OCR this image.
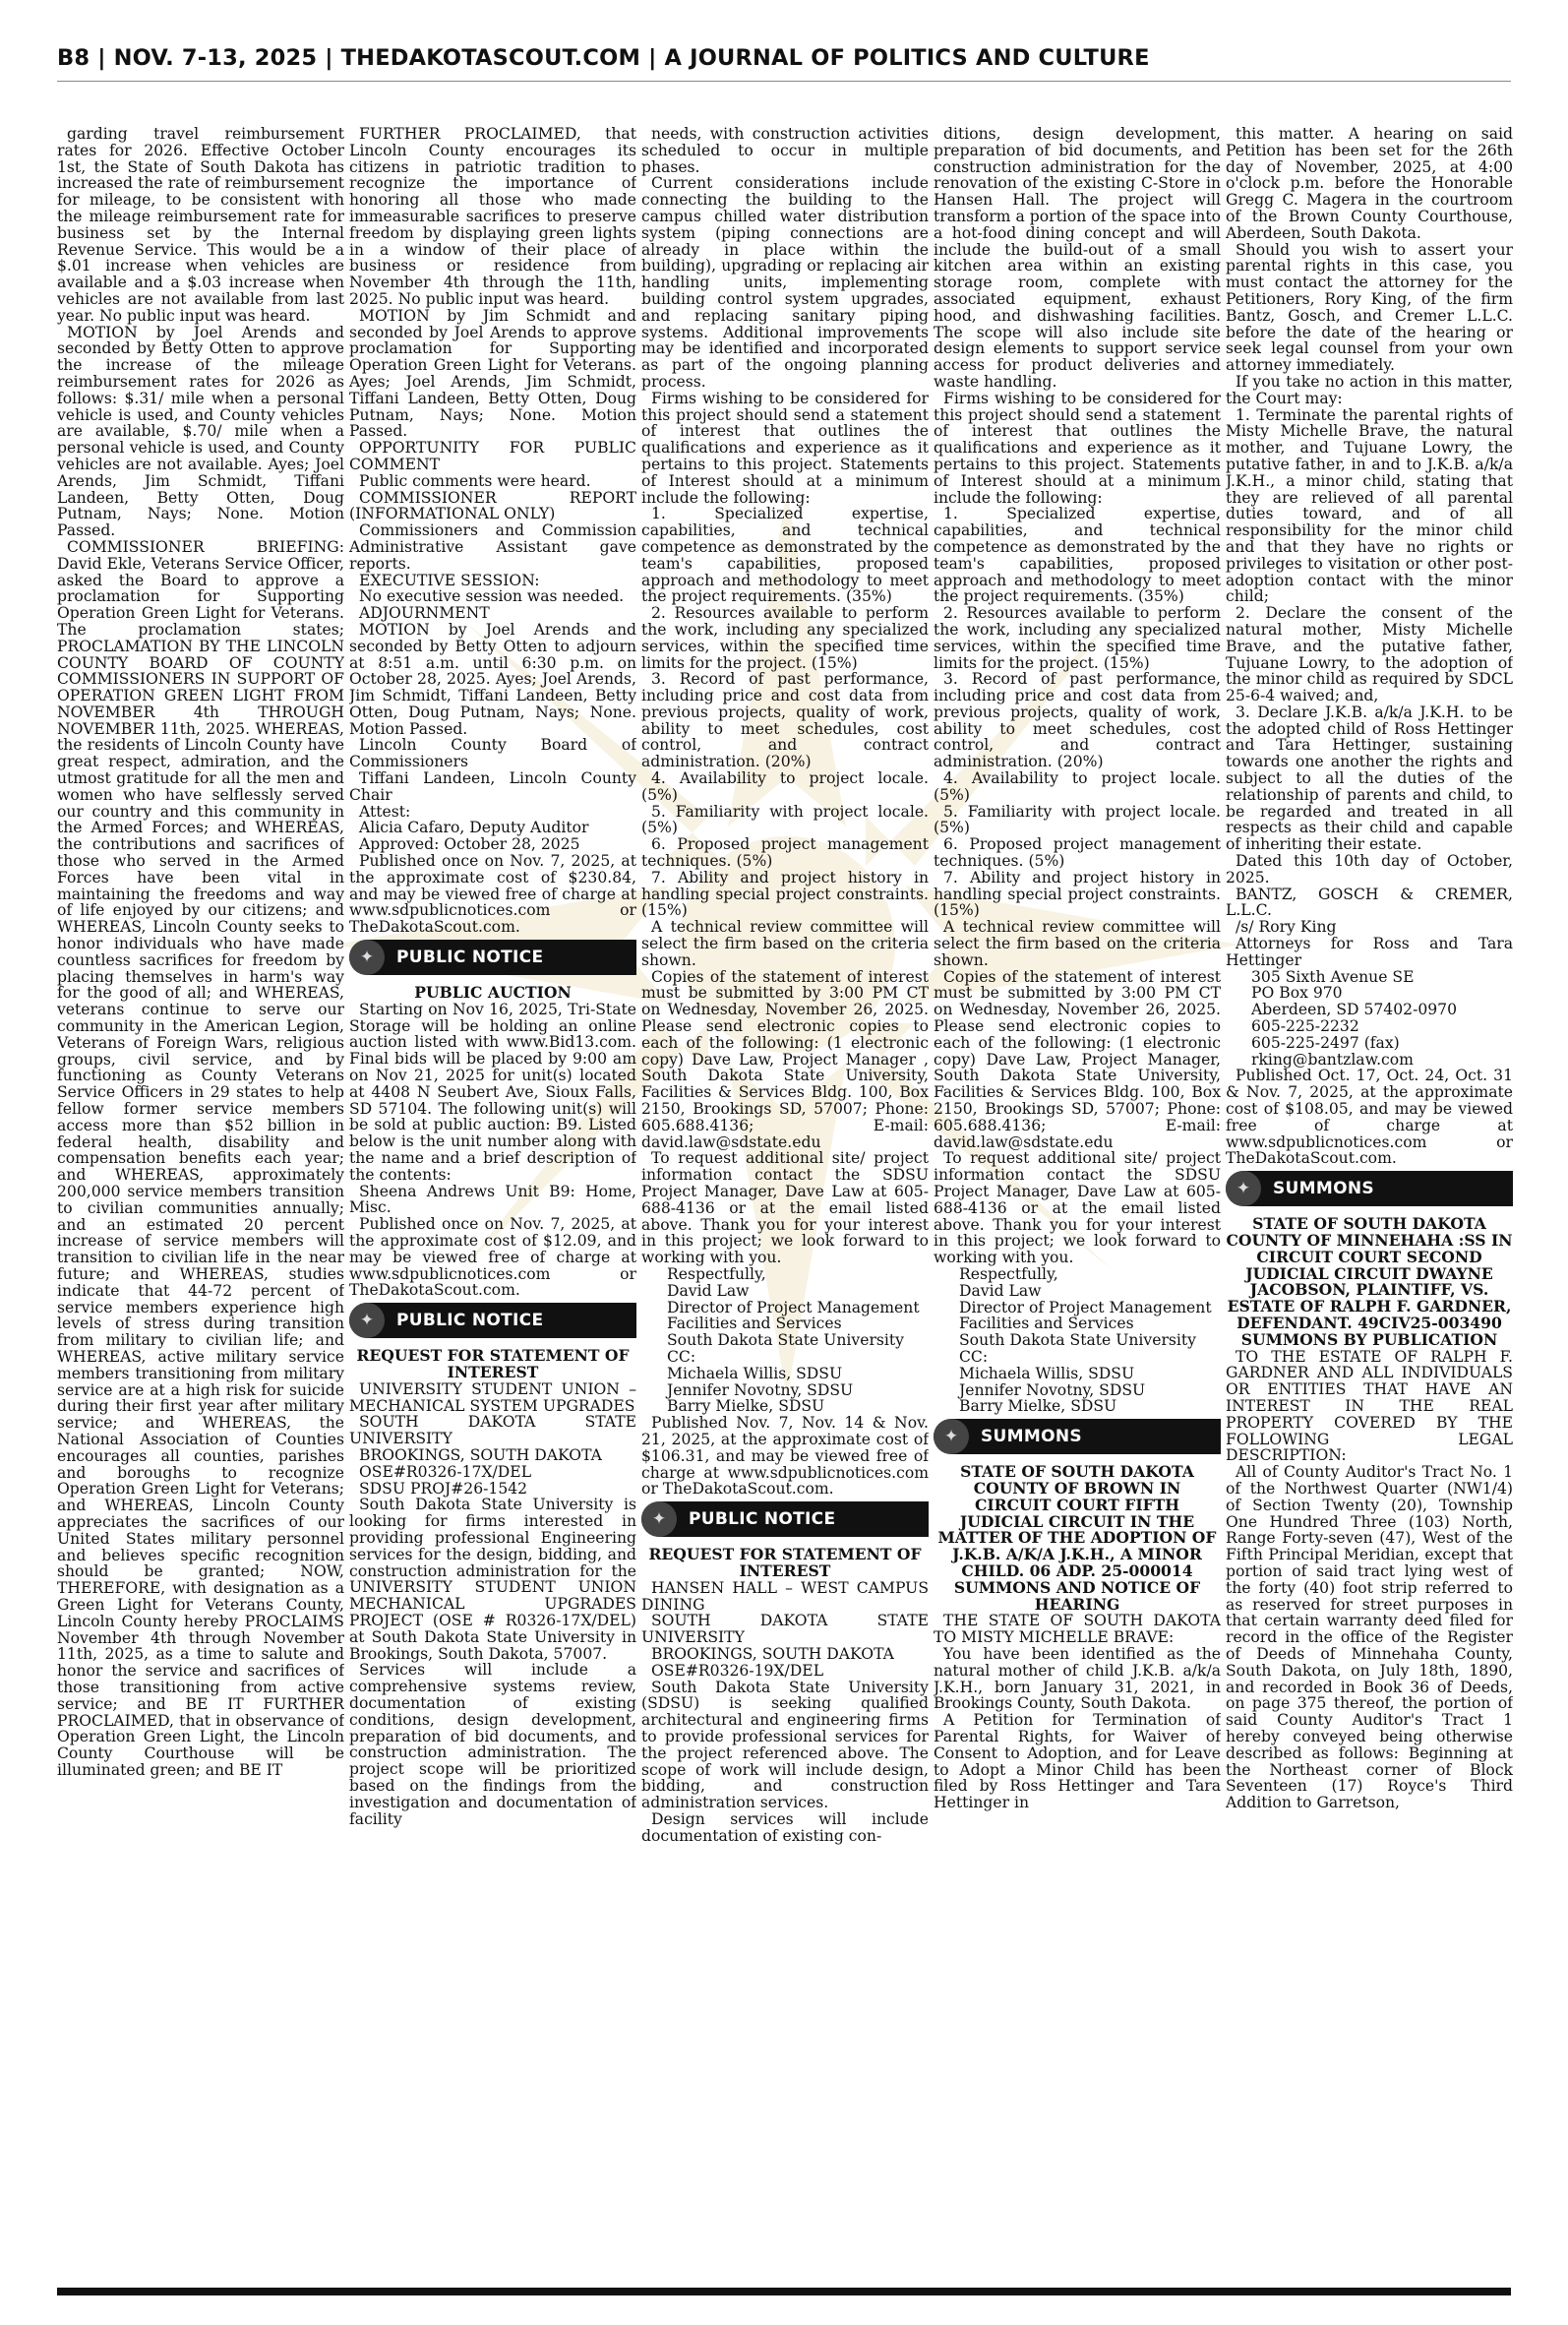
B8 | NOV. 7-13, 2025 | THEDAKOTASCOUT.COM | A JOURNAL OF POLITICS AND CULTURE

garding travel reimbursement rates for 2026. Effective October 1st, the State of South Dakota has increased the rate of reimbursement for mileage, to be consistent with the mileage reimbursement rate for business set by the Internal Revenue Service. This would be a $.01 increase when vehicles are available and a $.03 increase when vehicles are not available from last year. No public input was heard.

MOTION by Joel Arends and seconded by Betty Otten to approve the increase of the mileage reimbursement rates for 2026 as follows: $.31/ mile when a personal vehicle is used, and County vehicles are available, $.70/ mile when a personal vehicle is used, and County vehicles are not available. Ayes; Joel Arends, Jim Schmidt, Tiffani Landeen, Betty Otten, Doug Putnam, Nays; None. Motion Passed.

COMMISSIONER BRIEFING: David Ekle, Veterans Service Officer, asked the Board to approve a proclamation for Supporting Operation Green Light for Veterans. The proclamation states; PROCLAMATION BY THE LINCOLN COUNTY BOARD OF COUNTY COMMISSIONERS IN SUPPORT OF OPERATION GREEN LIGHT FROM NOVEMBER 4th THROUGH NOVEMBER 11th, 2025. WHEREAS, the residents of Lincoln County have great respect, admiration, and the utmost gratitude for all the men and women who have selflessly served our country and this community in the Armed Forces; and WHEREAS, the contributions and sacrifices of those who served in the Armed Forces have been vital in maintaining the freedoms and way of life enjoyed by our citizens; and WHEREAS, Lincoln County seeks to honor individuals who have made countless sacrifices for freedom by placing themselves in harm's way for the good of all; and WHEREAS, veterans continue to serve our community in the American Legion, Veterans of Foreign Wars, religious groups, civil service, and by functioning as County Veterans Service Officers in 29 states to help fellow former service members access more than $52 billion in federal health, disability and compensation benefits each year; and WHEREAS, approximately 200,000 service members transition to civilian communities annually; and an estimated 20 percent increase of service members will transition to civilian life in the near future; and WHEREAS, studies indicate that 44-72 percent of service members experience high levels of stress during transition from military to civilian life; and WHEREAS, active military service members transitioning from military service are at a high risk for suicide during their first year after military service; and WHEREAS, the National Association of Counties encourages all counties, parishes and boroughs to recognize Operation Green Light for Veterans; and WHEREAS, Lincoln County appreciates the sacrifices of our United States military personnel and believes specific recognition should be granted; NOW, THEREFORE, with designation as a Green Light for Veterans County, Lincoln County hereby PROCLAIMS November 4th through November 11th, 2025, as a time to salute and honor the service and sacrifices of those transitioning from active service; and BE IT FURTHER PROCLAIMED, that in observance of Operation Green Light, the Lincoln County Courthouse will be illuminated green; and BE IT

FURTHER PROCLAIMED, that Lincoln County encourages its citizens in patriotic tradition to recognize the importance of honoring all those who made immeasurable sacrifices to preserve freedom by displaying green lights in a window of their place of business or residence from November 4th through the 11th, 2025. No public input was heard.

MOTION by Jim Schmidt and seconded by Joel Arends to approve proclamation for Supporting Operation Green Light for Veterans. Ayes; Joel Arends, Jim Schmidt, Tiffani Landeen, Betty Otten, Doug Putnam, Nays; None. Motion Passed.

OPPORTUNITY FOR PUBLIC COMMENT

Public comments were heard.

COMMISSIONER REPORT (INFORMATIONAL ONLY)

Commissioners and Commission Administrative Assistant gave reports.

EXECUTIVE SESSION:

No executive session was needed.

ADJOURNMENT

MOTION by Joel Arends and seconded by Betty Otten to adjourn at 8:51 a.m. until 6:30 p.m. on October 28, 2025. Ayes; Joel Arends, Jim Schmidt, Tiffani Landeen, Betty Otten, Doug Putnam, Nays; None. Motion Passed.

Lincoln County Board of Commissioners

Tiffani Landeen, Lincoln County Chair

Attest:

Alicia Cafaro, Deputy Auditor

Approved: October 28, 2025

Published once on Nov. 7, 2025, at the approximate cost of $230.84, and may be viewed free of charge at www.sdpublicnotices.com or TheDakotaScout.com.

✦	PUBLIC NOTICE

PUBLIC AUCTION

Starting on Nov 16, 2025, Tri-State Storage will be holding an online auction listed with www.Bid13.com. Final bids will be placed by 9:00 am on Nov 21, 2025 for unit(s) located at 4408 N Seubert Ave, Sioux Falls, SD 57104. The following unit(s) will be sold at public auction: B9. Listed below is the unit number along with the name and a brief description of the contents:

Sheena Andrews Unit B9: Home, Misc.

Published once on Nov. 7, 2025, at the approximate cost of $12.09, and may be viewed free of charge at www.sdpublicnotices.com or TheDakotaScout.com.

✦	PUBLIC NOTICE

REQUEST FOR STATEMENT OF INTEREST

UNIVERSITY STUDENT UNION – MECHANICAL SYSTEM UPGRADES

SOUTH DAKOTA STATE UNIVERSITY

BROOKINGS, SOUTH DAKOTA

OSE#R0326-17X/DEL

SDSU PROJ#26-1542

South Dakota State University is looking for firms interested in providing professional Engineering services for the design, bidding, and construction administration for the UNIVERSITY STUDENT UNION MECHANICAL UPGRADES PROJECT (OSE # R0326-17X/DEL) at South Dakota State University in Brookings, South Dakota, 57007.

Services will include a comprehensive systems review, documentation of existing conditions, design development, preparation of bid documents, and construction administration. The project scope will be prioritized based on the findings from the investigation and documentation of facility

needs, with construction activities scheduled to occur in multiple phases.

Current considerations include connecting the building to the campus chilled water distribution system (piping connections are already in place within the building), upgrading or replacing air handling units, implementing building control system upgrades, and replacing sanitary piping systems. Additional improvements may be identified and incorporated as part of the ongoing planning process.

Firms wishing to be considered for this project should send a statement of interest that outlines the qualifications and experience as it pertains to this project. Statements of Interest should at a minimum include the following:

1. Specialized expertise, capabilities, and technical competence as demonstrated by the team's capabilities, proposed approach and methodology to meet the project requirements. (35%)

2. Resources available to perform the work, including any specialized services, within the specified time limits for the project. (15%)

3. Record of past performance, including price and cost data from previous projects, quality of work, ability to meet schedules, cost control, and contract administration. (20%)

4. Availability to project locale. (5%)

5. Familiarity with project locale. (5%)

6. Proposed project management techniques. (5%)

7. Ability and project history in handling special project constraints. (15%)

A technical review committee will select the firm based on the criteria shown.

Copies of the statement of interest must be submitted by 3:00 PM CT on Wednesday, November 26, 2025. Please send electronic copies to each of the following: (1 electronic copy) Dave Law, Project Manager , South Dakota State University, Facilities & Services Bldg. 100, Box 2150, Brookings SD, 57007; Phone: 605.688.4136; E-mail: david.law@sdstate.edu

To request additional site/ project information contact the SDSU Project Manager, Dave Law at 605-688-4136 or at the email listed above. Thank you for your interest in this project; we look forward to working with you.

Respectfully,

David Law

Director of Project Management

Facilities and Services

South Dakota State University

CC:

Michaela Willis, SDSU

Jennifer Novotny, SDSU

Barry Mielke, SDSU

Published Nov. 7, Nov. 14 & Nov. 21, 2025, at the approximate cost of $106.31, and may be viewed free of charge at www.sdpublicnotices.com or TheDakotaScout.com.

✦	PUBLIC NOTICE

REQUEST FOR STATEMENT OF INTEREST

HANSEN HALL – WEST CAMPUS DINING

SOUTH DAKOTA STATE UNIVERSITY

BROOKINGS, SOUTH DAKOTA

OSE#R0326-19X/DEL

South Dakota State University (SDSU) is seeking qualified architectural and engineering firms to provide professional services for the project referenced above. The scope of work will include design, bidding, and construction administration services.

Design services will include documentation of existing con-

ditions, design development, preparation of bid documents, and construction administration for the renovation of the existing C-Store in Hansen Hall. The project will transform a portion of the space into a hot-food dining concept and will include the build-out of a small kitchen area within an existing storage room, complete with associated equipment, exhaust hood, and dishwashing facilities. The scope will also include site design elements to support service access for product deliveries and waste handling.

Firms wishing to be considered for this project should send a statement of interest that outlines the qualifications and experience as it pertains to this project. Statements of Interest should at a minimum include the following:

1. Specialized expertise, capabilities, and technical competence as demonstrated by the team's capabilities, proposed approach and methodology to meet the project requirements. (35%)

2. Resources available to perform the work, including any specialized services, within the specified time limits for the project. (15%)

3. Record of past performance, including price and cost data from previous projects, quality of work, ability to meet schedules, cost control, and contract administration. (20%)

4. Availability to project locale. (5%)

5. Familiarity with project locale. (5%)

6. Proposed project management techniques. (5%)

7. Ability and project history in handling special project constraints. (15%)

A technical review committee will select the firm based on the criteria shown.

Copies of the statement of interest must be submitted by 3:00 PM CT on Wednesday, November 26, 2025. Please send electronic copies to each of the following: (1 electronic copy) Dave Law, Project Manager, South Dakota State University, Facilities & Services Bldg. 100, Box 2150, Brookings SD, 57007; Phone: 605.688.4136; E-mail: david.law@sdstate.edu

To request additional site/ project information contact the SDSU Project Manager, Dave Law at 605-688-4136 or at the email listed above. Thank you for your interest in this project; we look forward to working with you.

Respectfully,

David Law

Director of Project Management

Facilities and Services

South Dakota State University

CC:

Michaela Willis, SDSU

Jennifer Novotny, SDSU

Barry Mielke, SDSU

✦	SUMMONS

STATE OF SOUTH DAKOTA COUNTY OF BROWN IN CIRCUIT COURT FIFTH JUDICIAL CIRCUIT IN THE MATTER OF THE ADOPTION OF J.K.B. A/K/A J.K.H., A MINOR CHILD. 06 ADP. 25-000014 SUMMONS AND NOTICE OF HEARING

THE STATE OF SOUTH DAKOTA TO MISTY MICHELLE BRAVE:

You have been identified as the natural mother of child J.K.B. a/k/a J.K.H., born January 31, 2021, in Brookings County, South Dakota.

A Petition for Termination of Parental Rights, for Waiver of Consent to Adoption, and for Leave to Adopt a Minor Child has been filed by Ross Hettinger and Tara Hettinger in

this matter. A hearing on said Petition has been set for the 26th day of November, 2025, at 4:00 o'clock p.m. before the Honorable Gregg C. Magera in the courtroom of the Brown County Courthouse, Aberdeen, South Dakota.

Should you wish to assert your parental rights in this case, you must contact the attorney for the Petitioners, Rory King, of the firm Bantz, Gosch, and Cremer L.L.C. before the date of the hearing or seek legal counsel from your own attorney immediately.

If you take no action in this matter, the Court may:

1. Terminate the parental rights of Misty Michelle Brave, the natural mother, and Tujuane Lowry, the putative father, in and to J.K.B. a/k/a J.K.H., a minor child, stating that they are relieved of all parental duties toward, and of all responsibility for the minor child and that they have no rights or privileges to visitation or other post-adoption contact with the minor child;

2. Declare the consent of the natural mother, Misty Michelle Brave, and the putative father, Tujuane Lowry, to the adoption of the minor child as required by SDCL 25-6-4 waived; and,

3. Declare J.K.B. a/k/a J.K.H. to be the adopted child of Ross Hettinger and Tara Hettinger, sustaining towards one another the rights and subject to all the duties of the relationship of parents and child, to be regarded and treated in all respects as their child and capable of inheriting their estate.

Dated this 10th day of October, 2025.

BANTZ, GOSCH & CREMER, L.L.C.

/s/ Rory King

Attorneys for Ross and Tara Hettinger

305 Sixth Avenue SE

PO Box 970

Aberdeen, SD 57402-0970

605-225-2232

605-225-2497 (fax)

rking@bantzlaw.com

Published Oct. 17, Oct. 24, Oct. 31 & Nov. 7, 2025, at the approximate cost of $108.05, and may be viewed free of charge at www.sdpublicnotices.com or TheDakotaScout.com.

✦	SUMMONS

STATE OF SOUTH DAKOTA COUNTY OF MINNEHAHA :SS IN CIRCUIT COURT SECOND JUDICIAL CIRCUIT DWAYNE JACOBSON, PLAINTIFF, VS. ESTATE OF RALPH F. GARDNER, DEFENDANT. 49CIV25-003490 SUMMONS BY PUBLICATION

TO THE ESTATE OF RALPH F. GARDNER AND ALL INDIVIDUALS OR ENTITIES THAT HAVE AN INTEREST IN THE REAL PROPERTY COVERED BY THE FOLLOWING LEGAL DESCRIPTION:

All of County Auditor's Tract No. 1 of the Northwest Quarter (NW1/4) of Section Twenty (20), Township One Hundred Three (103) North, Range Forty-seven (47), West of the Fifth Principal Meridian, except that portion of said tract lying west of the forty (40) foot strip referred to as reserved for street purposes in that certain warranty deed filed for record in the office of the Register of Deeds of Minnehaha County, South Dakota, on July 18th, 1890, and recorded in Book 36 of Deeds, on page 375 thereof, the portion of said County Auditor's Tract 1 hereby conveyed being otherwise described as follows: Beginning at the Northeast corner of Block Seventeen (17) Royce's Third Addition to Garretson,
